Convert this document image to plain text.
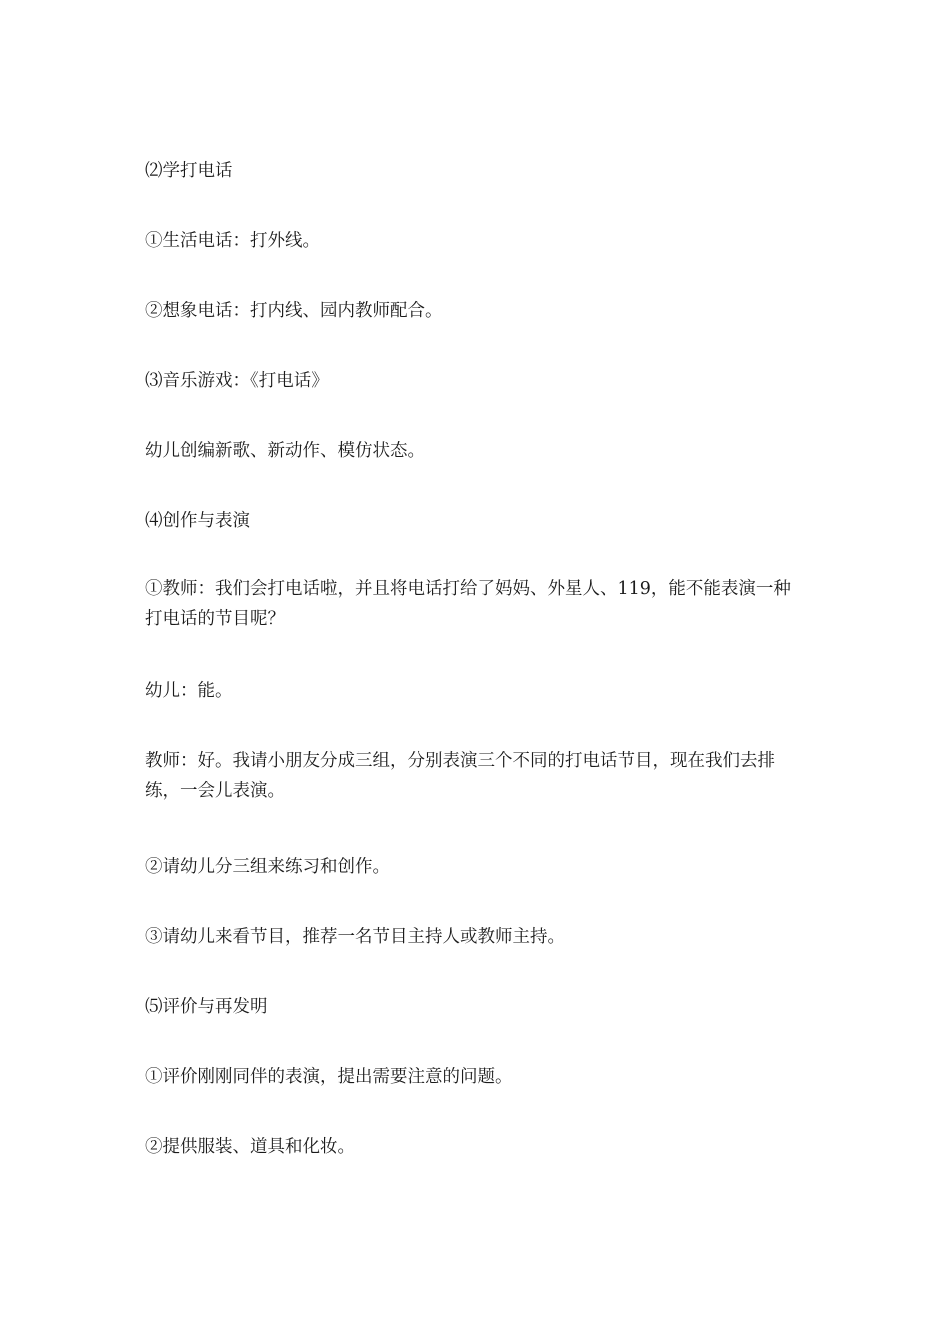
⑵学打电话

①生活电话：打外线。

②想象电话：打内线、园内教师配合。

⑶音乐游戏：《打电话》

幼儿创编新歌、新动作、模仿状态。

⑷创作与表演

①教师：我们会打电话啦，并且将电话打给了妈妈、外星人、119，能不能表演一种打电话的节目呢？

幼儿：能。

教师：好。我请小朋友分成三组，分别表演三个不同的打电话节目，现在我们去排练，一会儿表演。

②请幼儿分三组来练习和创作。

③请幼儿来看节目，推荐一名节目主持人或教师主持。

⑸评价与再发明

①评价刚刚同伴的表演，提出需要注意的问题。

②提供服装、道具和化妆。
